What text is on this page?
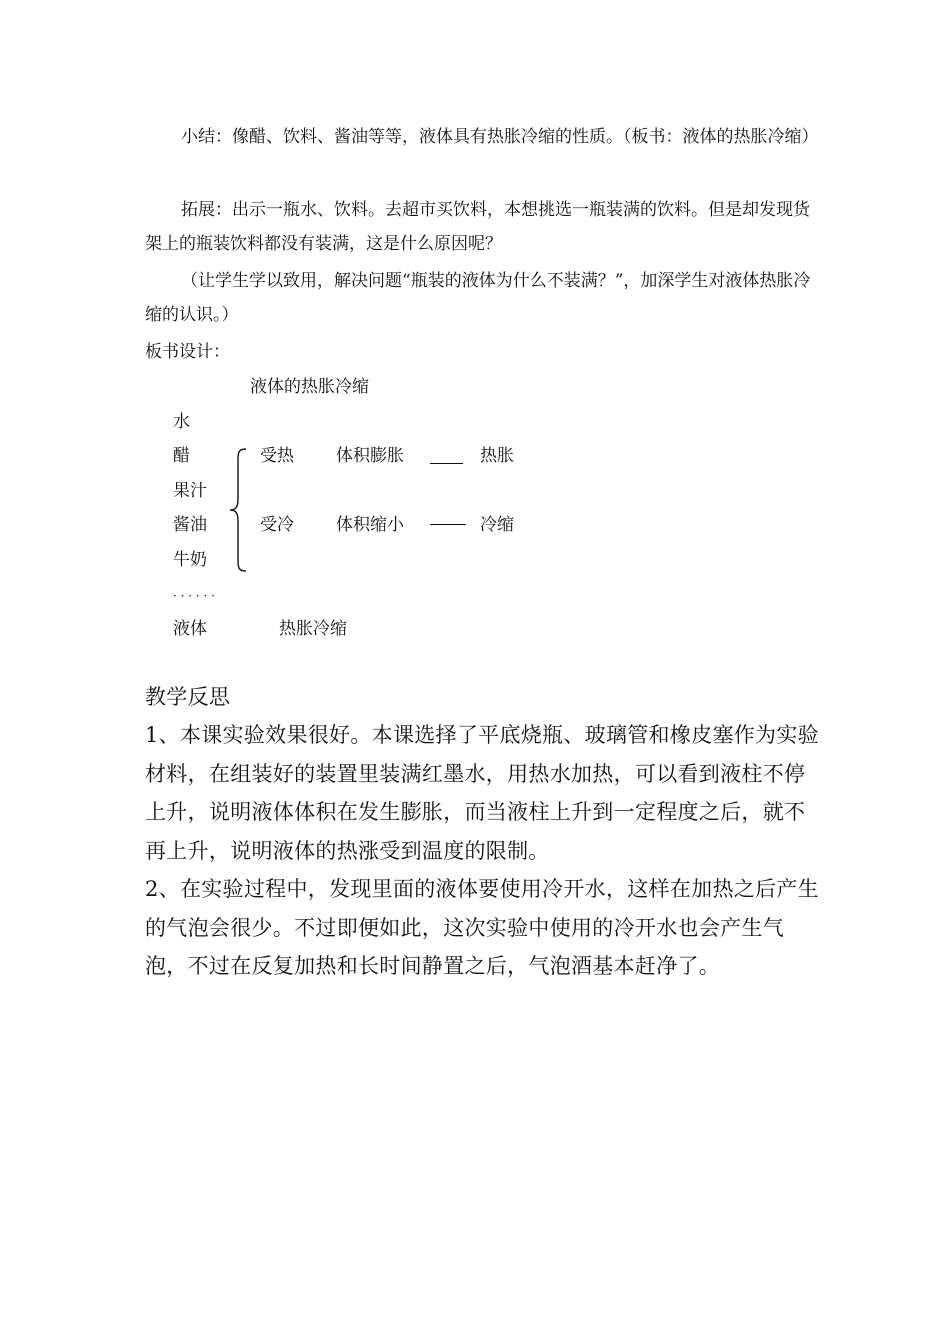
小结：像醋、饮料、酱油等等，液体具有热胀冷缩的性质。（板书：液体的热胀冷缩）

拓展：出示一瓶水、饮料。去超市买饮料，本想挑选一瓶装满的饮料。但是却发现货架上的瓶装饮料都没有装满，这是什么原因呢？

（让学生学以致用，解决问题“瓶装的液体为什么不装满？”，加深学生对液体热胀冷缩的认识。）

板书设计：

液体的热胀冷缩
水
醋
果汁
酱油
牛奶
受热 体积膨胀	热胀
受冷 体积缩小	冷缩
· · · · · ·
液体	热胀冷缩

教学反思

1、本课实验效果很好。本课选择了平底烧瓶、玻璃管和橡皮塞作为实验材料，在组装好的装置里装满红墨水，用热水加热，可以看到液柱不停上升，说明液体体积在发生膨胀，而当液柱上升到一定程度之后，就不再上升，说明液体的热涨受到温度的限制。

2、在实验过程中，发现里面的液体要使用冷开水，这样在加热之后产生的气泡会很少。不过即便如此，这次实验中使用的冷开水也会产生气泡，不过在反复加热和长时间静置之后，气泡酒基本赶净了。
